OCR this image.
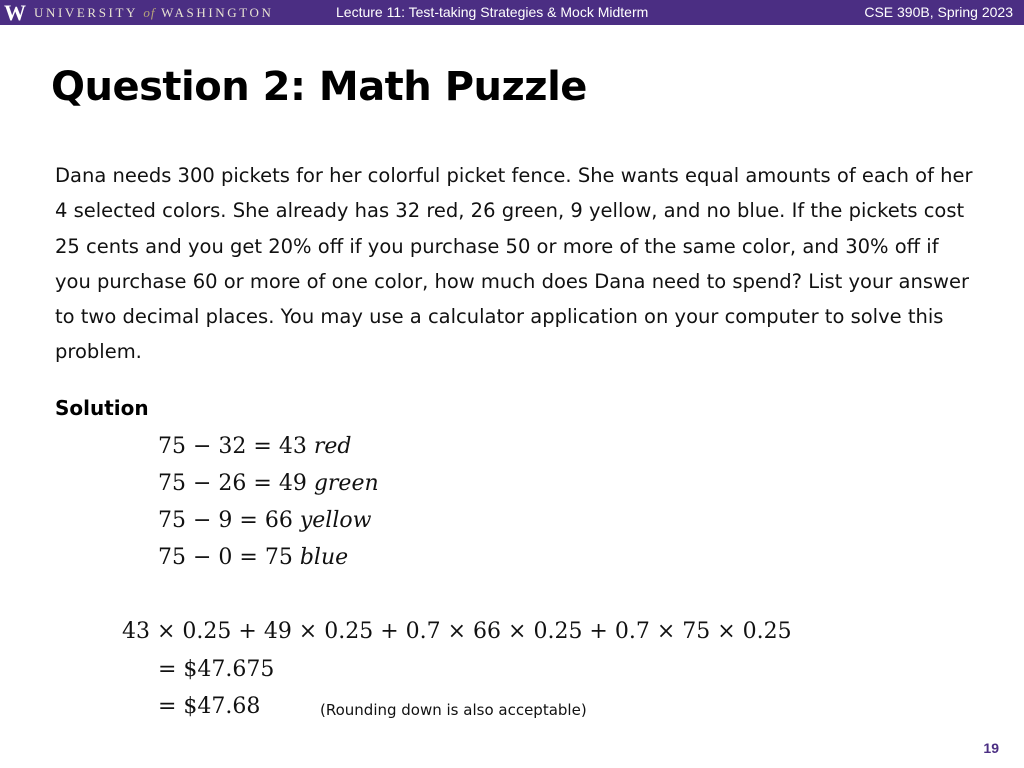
W UNIVERSITY of WASHINGTON	Lecture 11: Test-taking Strategies & Mock Midterm	CSE 390B, Spring 2023
Question 2: Math Puzzle

Dana needs 300 pickets for her colorful picket fence. She wants equal amounts of each of her 4 selected colors. She already has 32 red, 26 green, 9 yellow, and no blue. If the pickets cost 25 cents and you get 20% off if you purchase 50 or more of the same color, and 30% off if you purchase 60 or more of one color, how much does Dana need to spend? List your answer to two decimal places. You may use a calculator application on your computer to solve this problem.

Solution
75 − 32 = 43 red
75 − 26 = 49 green
75 − 9 = 66 yellow
75 − 0 = 75 blue
43 × 0.25 + 49 × 0.25 + 0.7 × 66 × 0.25 + 0.7 × 75 × 0.25
= $47.675
= $47.68	(Rounding down is also acceptable)
19
